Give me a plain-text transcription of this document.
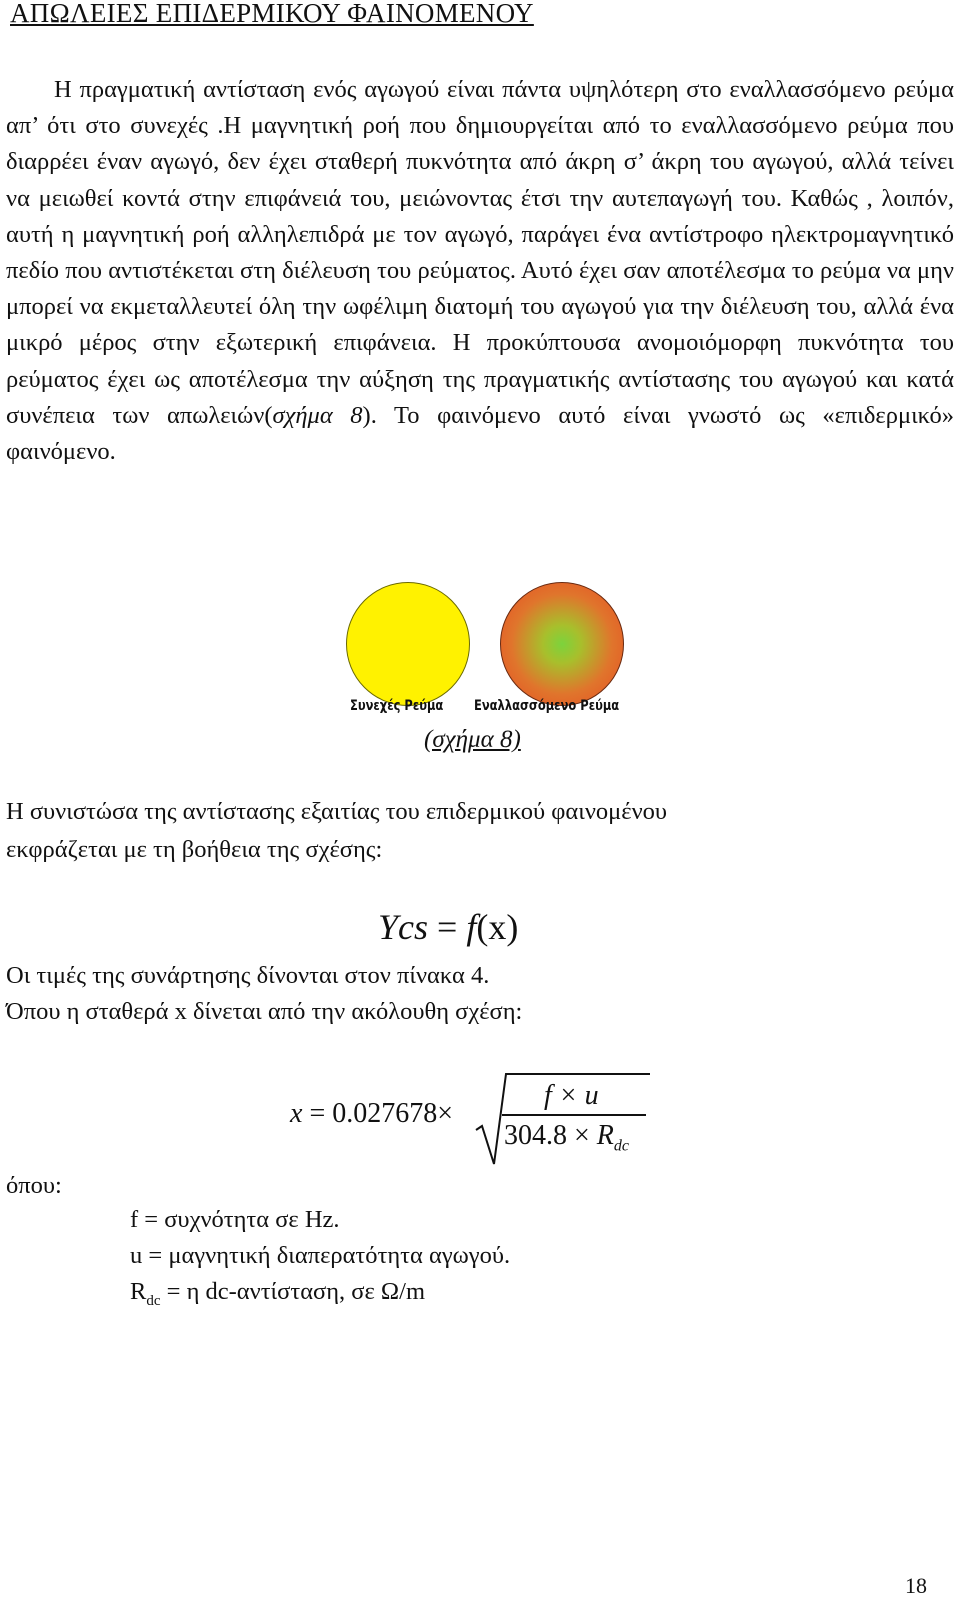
ΑΠΩΛΕΙΕΣ ΕΠΙΔΕΡΜΙΚΟΥ ΦΑΙΝΟΜΕΝΟΥ

Η πραγματική αντίσταση ενός αγωγού είναι πάντα υψηλότερη στο εναλλασσόμενο ρεύμα απ’ ότι στο συνεχές .Η μαγνητική ροή που δημιουργείται από το εναλλασσόμενο ρεύμα που διαρρέει έναν αγωγό, δεν έχει σταθερή πυκνότητα από άκρη σ’ άκρη του αγωγού, αλλά τείνει να μειωθεί κοντά στην επιφάνειά του, μειώνοντας έτσι την αυτεπαγωγή του. Καθώς , λοιπόν, αυτή η μαγνητική ροή αλληλεπιδρά με τον αγωγό, παράγει ένα αντίστροφο ηλεκτρομαγνητικό πεδίο που αντιστέκεται στη διέλευση του ρεύματος. Αυτό έχει σαν αποτέλεσμα το ρεύμα να μην μπορεί να εκμεταλλευτεί όλη την ωφέλιμη διατομή του αγωγού για την διέλευση του, αλλά ένα μικρό μέρος στην εξωτερική επιφάνεια. Η προκύπτουσα ανομοιόμορφη πυκνότητα του ρεύματος έχει ως αποτέλεσμα την αύξηση της πραγματικής αντίστασης του αγωγού και κατά συνέπεια των απωλειών(σχήμα 8). Το φαινόμενο αυτό είναι γνωστό ως «επιδερμικό» φαινόμενο.

Συνεχές Ρεύμα Εναλλασσόμενο Ρεύμα

(σχήμα 8)

Η συνιστώσα της αντίστασης εξαιτίας του επιδερμικού φαινομένου

εκφράζεται με τη βοήθεια της σχέσης:

Ycs = f(x)

Οι τιμές της συνάρτησης δίνονται στον πίνακα 4.

Όπου η σταθερά x δίνεται από την ακόλουθη σχέση:

x = 0.027678×
f × u
$304.8 \times R_{dc}$
όπου:

f = συχνότητα σε Hz.

u = μαγνητική διαπερατότητα αγωγού.

$R_{dc} = \eta$ dc-αντίσταση, σε Ω/m

18
